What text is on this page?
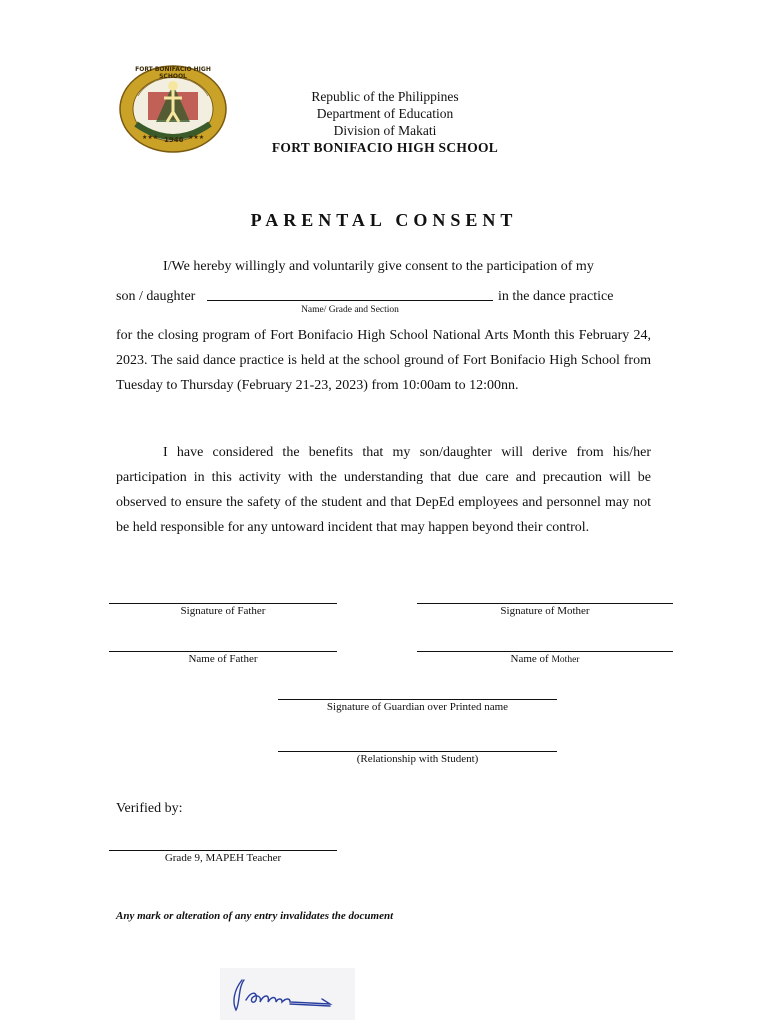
1946
★★★	★★★
FORT BONIFACIO HIGH SCHOOL
Republic of the Philippines
Department of Education
Division of Makati
FORT BONIFACIO HIGH SCHOOL
PARENTAL CONSENT
I/We hereby willingly and voluntarily give consent to the participation of my
son / daughter	in the dance practice
Name/ Grade and Section
for the closing program of Fort Bonifacio High School National Arts Month this February 24, 2023. The said dance practice is held at the school ground of Fort Bonifacio High School from Tuesday to Thursday (February 21-23, 2023) from 10:00am to 12:00nn.
I have considered the benefits that my son/daughter will derive from his/her participation in this activity with the understanding that due care and precaution will be observed to ensure the safety of the student and that DepEd employees and personnel may not be held responsible for any untoward incident that may happen beyond their control.
Signature of Father	Signature of Mother
Name of Father	Name of Mother
Signature of Guardian over Printed name
(Relationship with Student)
Verified by:
Grade 9, MAPEH Teacher
Any mark or alteration of any entry invalidates the document
